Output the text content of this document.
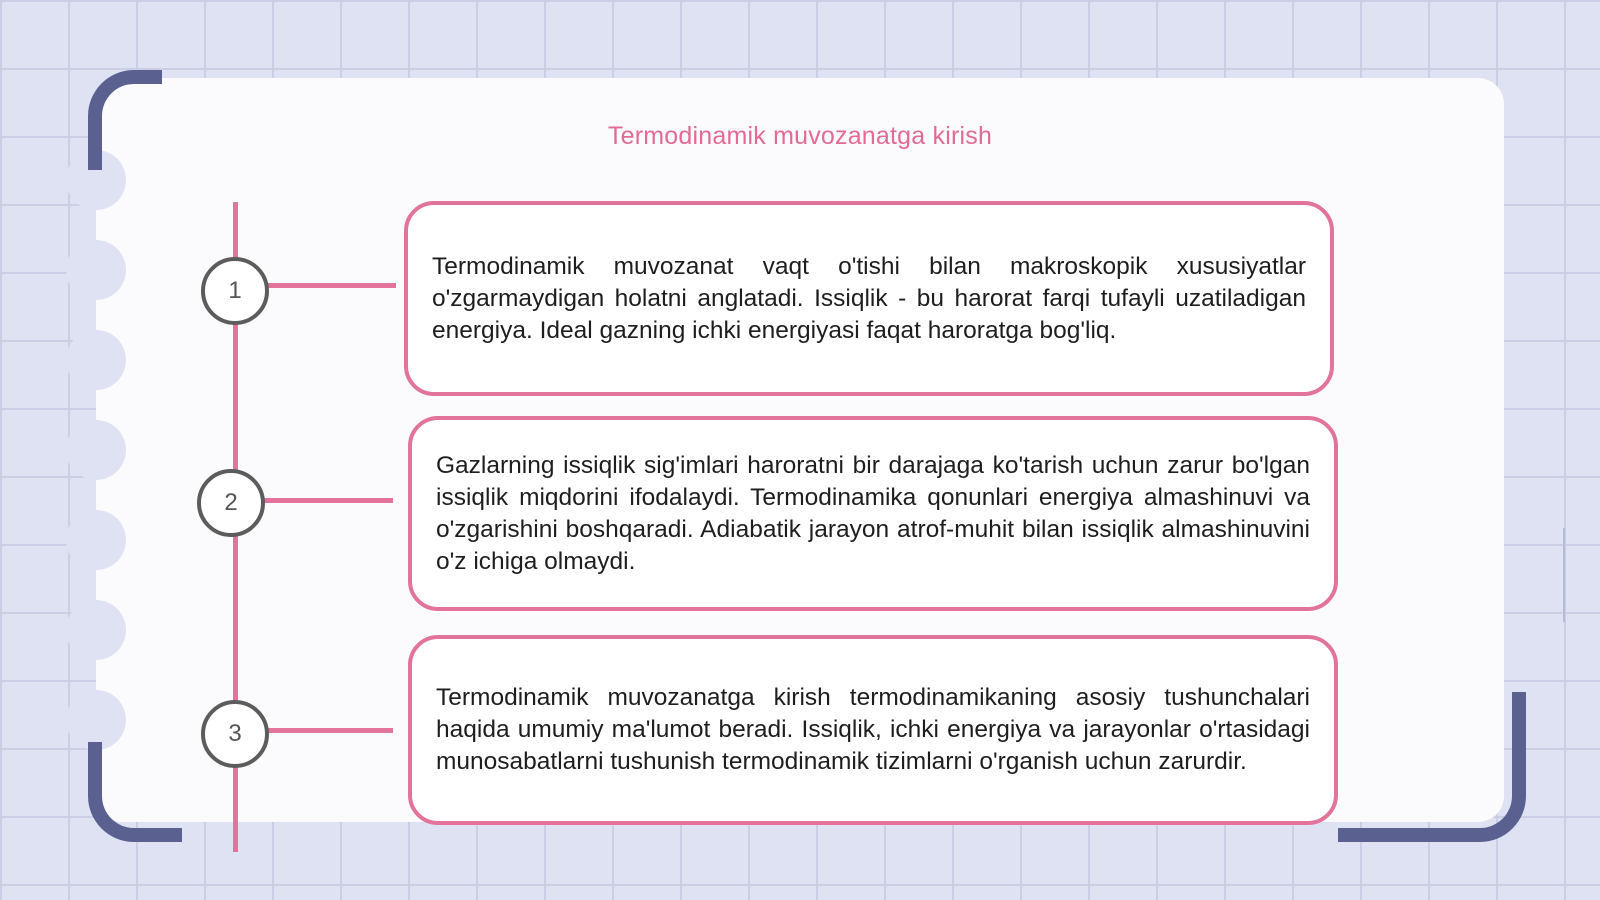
Termodinamik muvozanatga kirish
1
2
3

Termodinamik muvozanat vaqt o'tishi bilan makroskopik xususiyatlar o'zgarmaydigan holatni anglatadi. Issiqlik - bu harorat farqi tufayli uzatiladigan energiya. Ideal gazning ichki energiyasi faqat haroratga bog'liq.

Gazlarning issiqlik sig'imlari haroratni bir darajaga ko'tarish uchun zarur bo'lgan issiqlik miqdorini ifodalaydi. Termodinamika qonunlari energiya almashinuvi va o'zgarishini boshqaradi. Adiabatik jarayon atrof-muhit bilan issiqlik almashinuvini o'z ichiga olmaydi.

Termodinamik muvozanatga kirish termodinamikaning asosiy tushunchalari haqida umumiy ma'lumot beradi. Issiqlik, ichki energiya va jarayonlar o'rtasidagi munosabatlarni tushunish termodinamik tizimlarni o'rganish uchun zarurdir.
